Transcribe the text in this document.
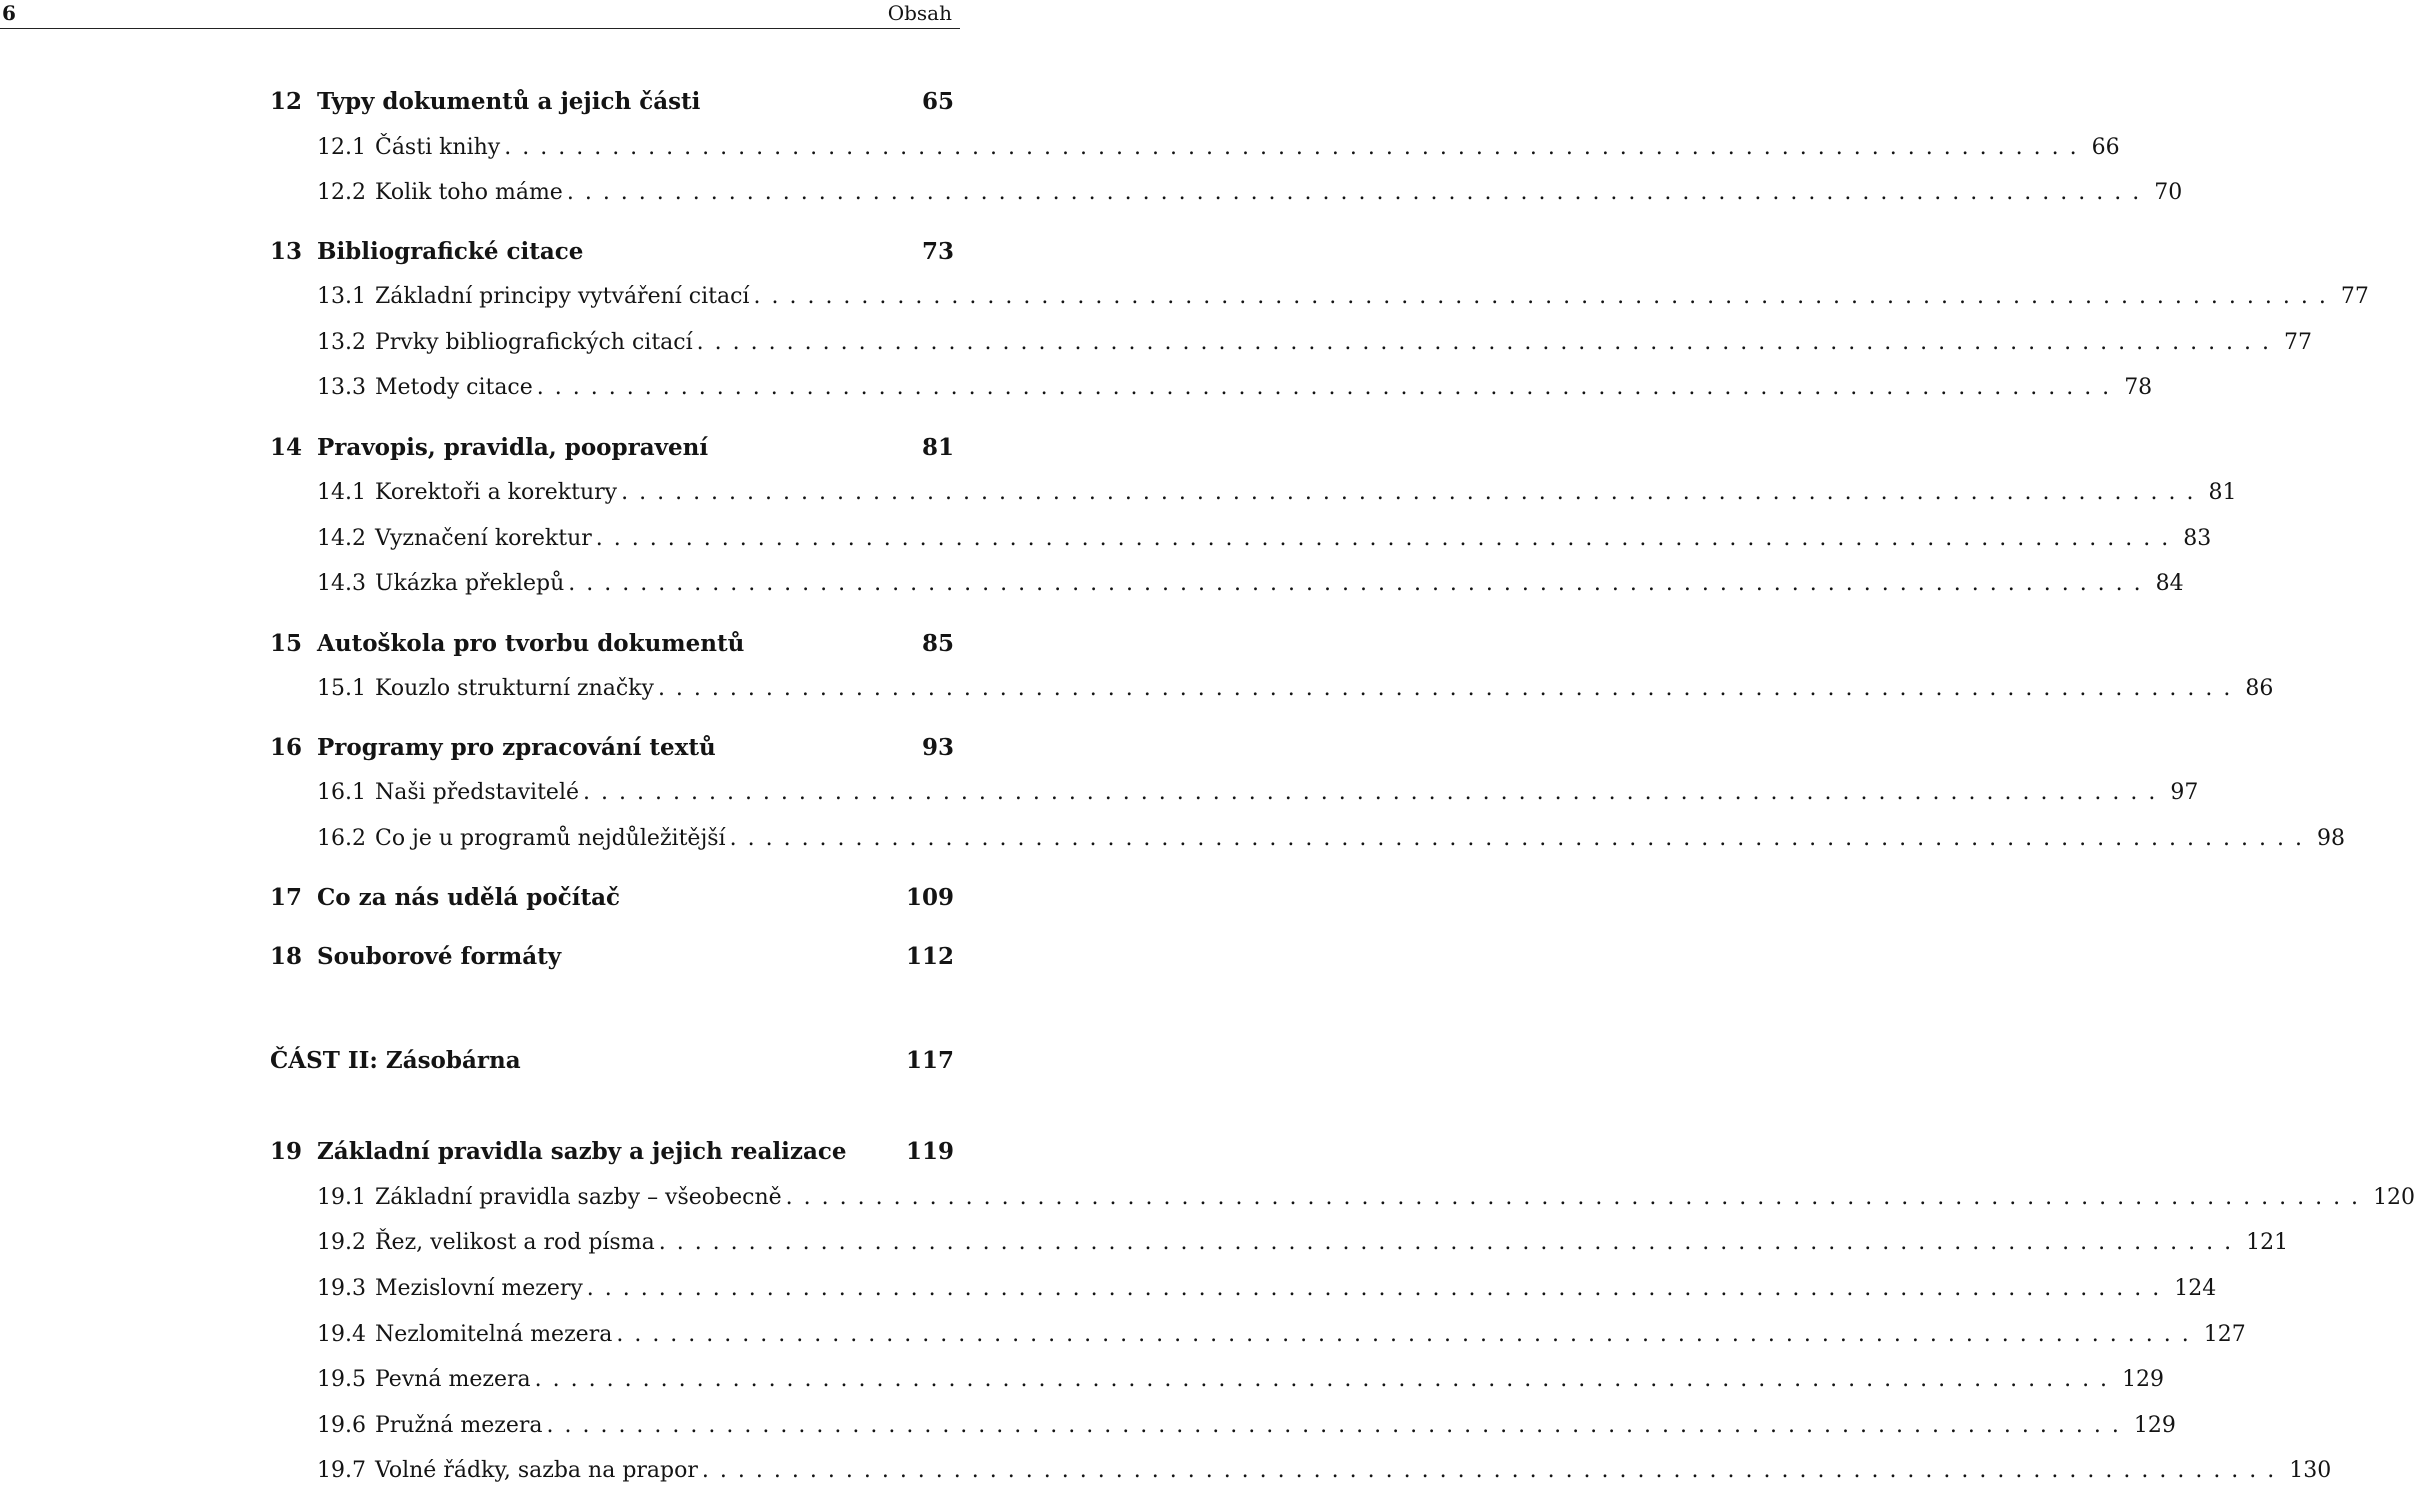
6	Obsah
12 Typy dokumentů a jejich části	65
12.1 Části knihy ........................................................................................ 66
12.2 Kolik toho máme ........................................................................................ 70
13 Bibliografické citace	73
13.1 Základní principy vytváření citací ........................................................................................ 77
13.2 Prvky bibliografických citací ........................................................................................ 77
13.3 Metody citace ........................................................................................ 78
14 Pravopis, pravidla, poopravení	81
14.1 Korektoři a korektury ........................................................................................ 81
14.2 Vyznačení korektur ........................................................................................ 83
14.3 Ukázka překlepů ........................................................................................ 84
15 Autoškola pro tvorbu dokumentů	85
15.1 Kouzlo strukturní značky ........................................................................................ 86
16 Programy pro zpracování textů	93
16.1 Naši představitelé ........................................................................................ 97
16.2 Co je u programů nejdůležitější ........................................................................................ 98
17 Co za nás udělá počítač	109
18 Souborové formáty	112
ČÁST II: Zásobárna	117
19 Základní pravidla sazby a jejich realizace	119
19.1 Základní pravidla sazby – všeobecně ........................................................................................ 120
19.2 Řez, velikost a rod písma ........................................................................................ 121
19.3 Mezislovní mezery ........................................................................................ 124
19.4 Nezlomitelná mezera ........................................................................................ 127
19.5 Pevná mezera ........................................................................................ 129
19.6 Pružná mezera ........................................................................................ 129
19.7 Volné řádky, sazba na prapor ........................................................................................ 130
